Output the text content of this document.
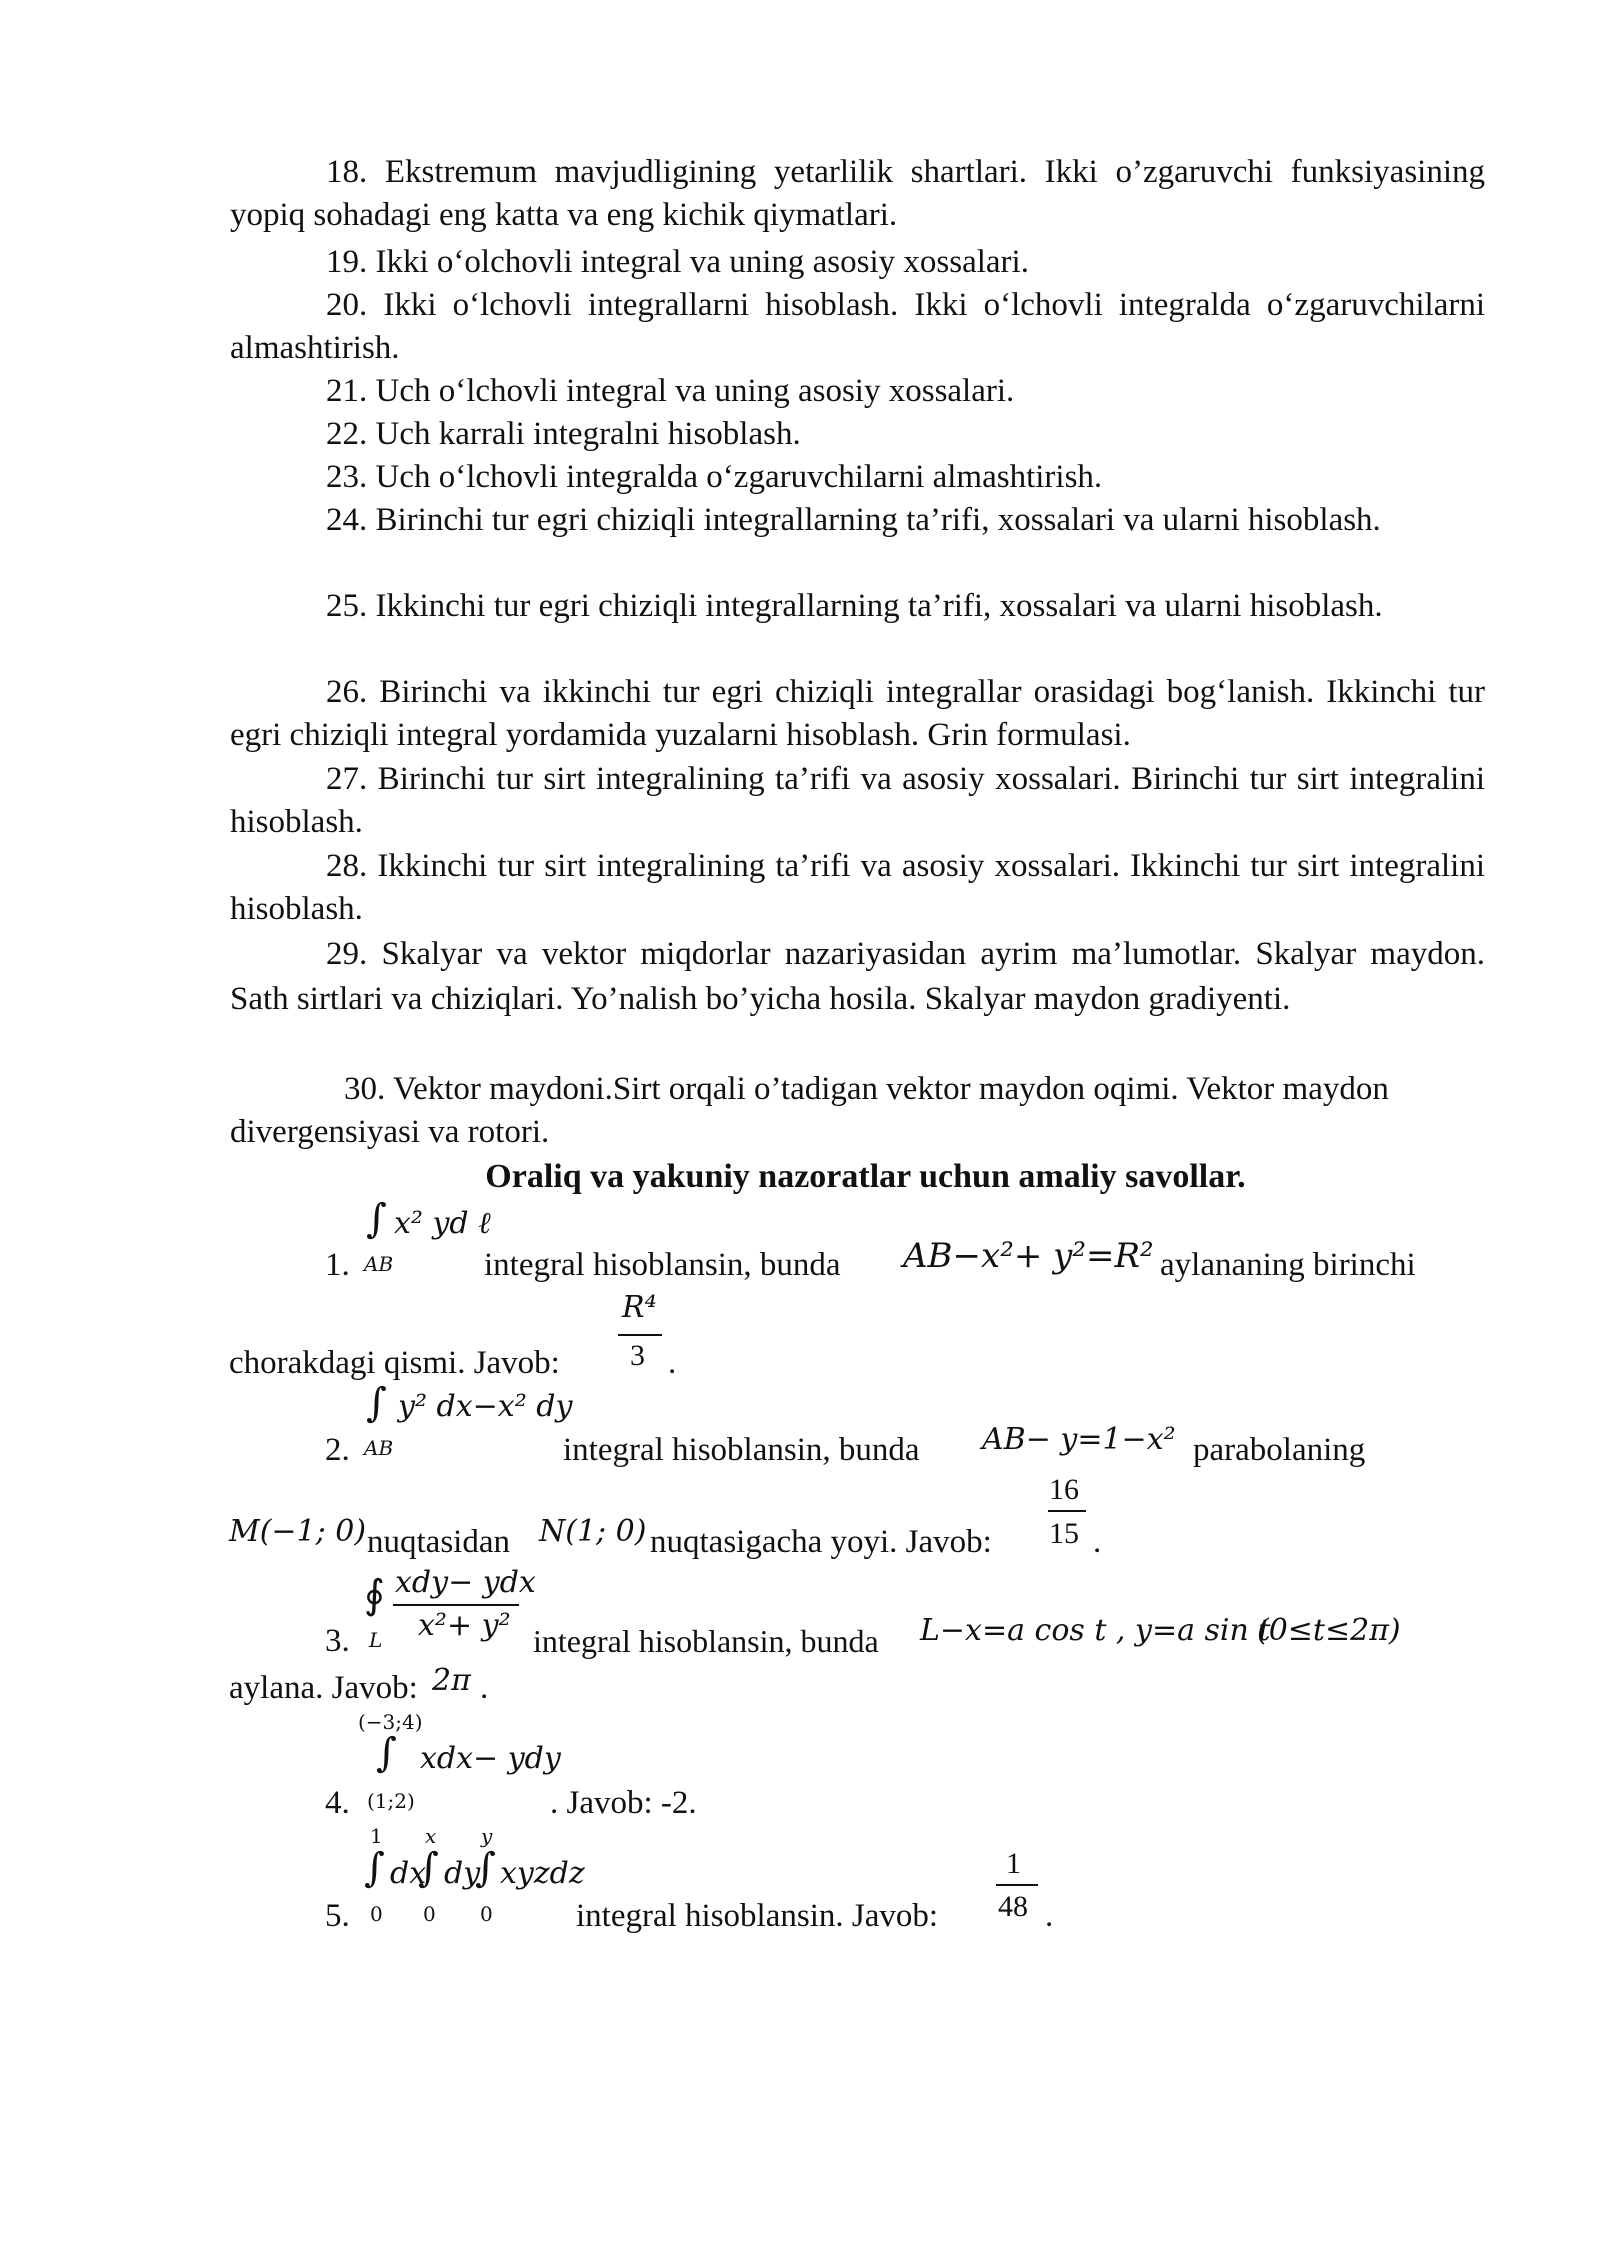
18. Ekstremum mavjudligining yetarlilik shartlari. Ikki o’zgaruvchi funksiyasining yopiq sohadagi eng katta va eng kichik qiymatlari.

19. Ikki o‘olchovli integral va uning asosiy xossalari.

20. Ikki o‘lchovli integrallarni hisoblash. Ikki o‘lchovli integralda o‘zgaruvchilarni almashtirish.

21. Uch o‘lchovli integral va uning asosiy xossalari.

22. Uch karrali integralni hisoblash.

23. Uch o‘lchovli integralda o‘zgaruvchilarni almashtirish.

24. Birinchi tur egri chiziqli integrallarning ta’rifi, xossalari va ularni hisoblash.

25. Ikkinchi tur egri chiziqli integrallarning ta’rifi, xossalari va ularni hisoblash.

26. Birinchi va ikkinchi tur egri chiziqli integrallar orasidagi bog‘lanish. Ikkinchi tur egri chiziqli integral yordamida yuzalarni hisoblash. Grin formulasi.

27. Birinchi tur sirt integralining ta’rifi va asosiy xossalari. Birinchi tur sirt integralini hisoblash.

28. Ikkinchi tur sirt integralining ta’rifi va asosiy xossalari. Ikkinchi tur sirt integralini hisoblash.

29. Skalyar va vektor miqdorlar nazariyasidan ayrim ma’lumotlar. Skalyar maydon. Sath sirtlari va chiziqlari. Yo’nalish bo’yicha hosila. Skalyar maydon gradiyenti.

30. Vektor maydoni.Sirt orqali o’tadigan vektor maydon oqimi. Vektor maydon divergensiyasi va rotori.

Oraliq va yakuniy nazoratlar uchun amaliy savollar.

1.
∫
AB
x² yd ℓ
integral hisoblansin, bunda AB−x²+ y²=R² aylananing birinchi
chorakdagi qismi. Javob:
R⁴
3 .
2.
∫
AB
y² dx−x² dy
integral hisoblansin, bunda AB− y=1−x² parabolaning
M(−1; 0) nuqtasidan N(1; 0) nuqtasigacha yoyi. Javob:
16
15 .
3.
∮
L
xdy− ydx
x²+ y² integral hisoblansin, bunda L−x=a cos t , y=a sin t
(0≤t≤2π)
aylana. Javob: 2π .
4.
(−3;4)
∫
(1;2)
xdx− ydy
. Javob: -2.
5.
1
∫
0
dx
x
∫
0
dy
y
∫
0
xyzdz
integral hisoblansin. Javob:
1
48 .
